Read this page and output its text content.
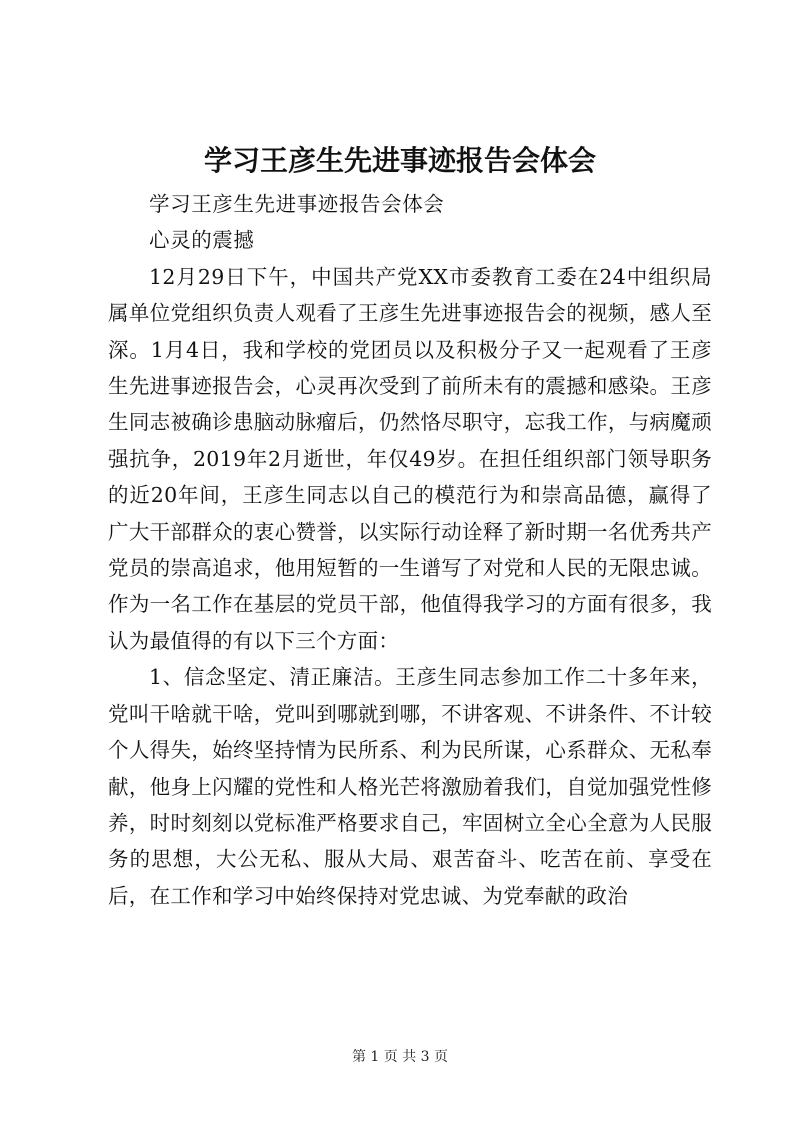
学习王彦生先进事迹报告会体会

学习王彦生先进事迹报告会体会

心灵的震撼

12月29日下午，中国共产党XX市委教育工委在24中组织局属单位党组织负责人观看了王彦生先进事迹报告会的视频，感人至深。1月4日，我和学校的党团员以及积极分子又一起观看了王彦生先进事迹报告会，心灵再次受到了前所未有的震撼和感染。王彦生同志被确诊患脑动脉瘤后，仍然恪尽职守，忘我工作，与病魔顽强抗争，2019年2月逝世，年仅49岁。在担任组织部门领导职务的近20年间，王彦生同志以自己的模范行为和崇高品德，赢得了广大干部群众的衷心赞誉，以实际行动诠释了新时期一名优秀共产党员的崇高追求，他用短暂的一生谱写了对党和人民的无限忠诚。作为一名工作在基层的党员干部，他值得我学习的方面有很多，我认为最值得的有以下三个方面：

1、信念坚定、清正廉洁。王彦生同志参加工作二十多年来，党叫干啥就干啥，党叫到哪就到哪，不讲客观、不讲条件、不计较个人得失，始终坚持情为民所系、利为民所谋，心系群众、无私奉献，他身上闪耀的党性和人格光芒将激励着我们，自觉加强党性修养，时时刻刻以党标准严格要求自己，牢固树立全心全意为人民服务的思想，大公无私、服从大局、艰苦奋斗、吃苦在前、享受在后，在工作和学习中始终保持对党忠诚、为党奉献的政治

第 1 页 共 3 页
